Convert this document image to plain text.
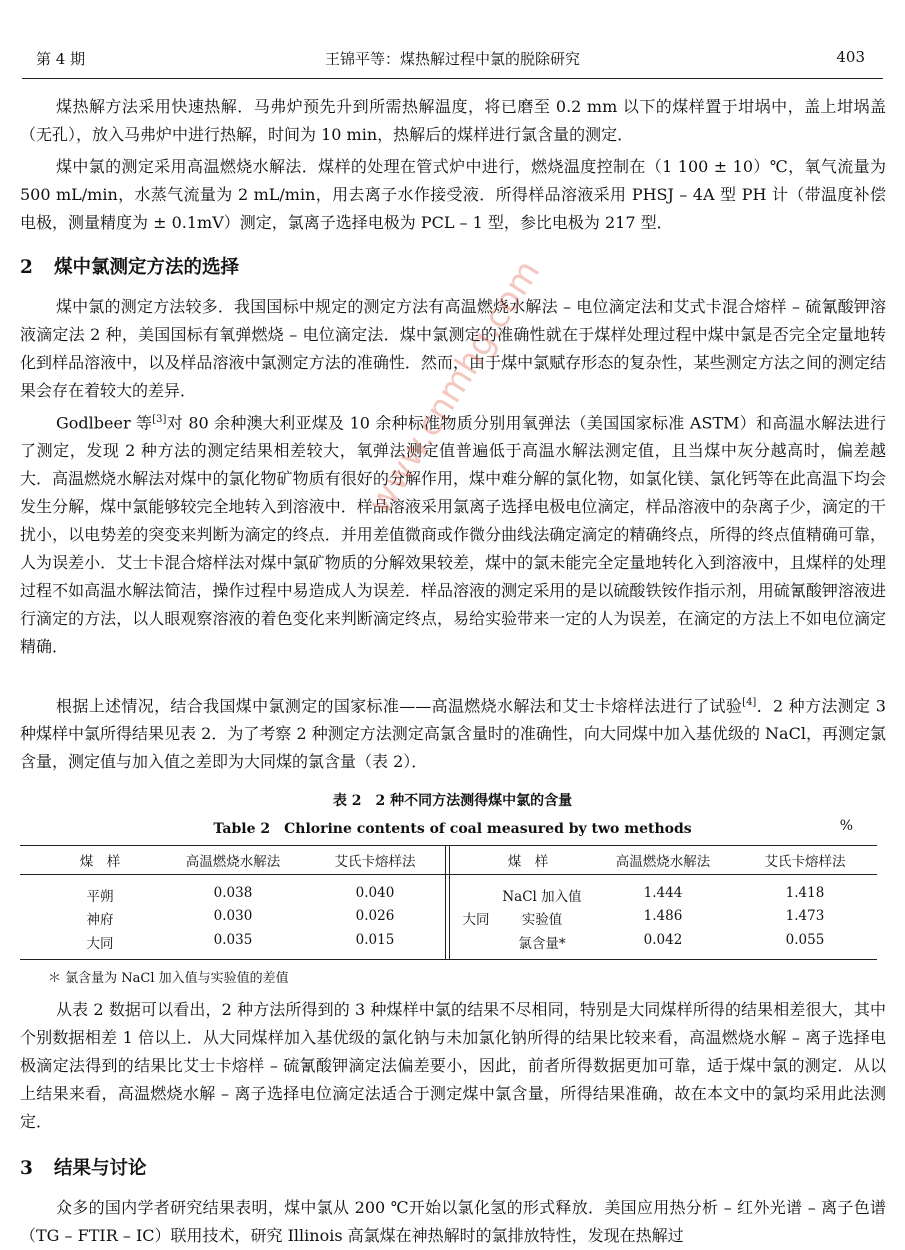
第 4 期	王锦平等：煤热解过程中氯的脱除研究	403

煤热解方法采用快速热解．马弗炉预先升到所需热解温度，将已磨至 0.2 mm 以下的煤样置于坩埚中，盖上坩埚盖（无孔），放入马弗炉中进行热解，时间为 10 min，热解后的煤样进行氯含量的测定．

煤中氯的测定采用高温燃烧水解法．煤样的处理在管式炉中进行，燃烧温度控制在（1 100 ± 10）℃，氧气流量为 500 mL/min，水蒸气流量为 2 mL/min，用去离子水作接受液．所得样品溶液采用 PHSJ – 4A 型 PH 计（带温度补偿电极，测量精度为 ± 0.1mV）测定，氯离子选择电极为 PCL – 1 型，参比电极为 217 型．

2 煤中氯测定方法的选择

煤中氯的测定方法较多．我国国标中规定的测定方法有高温燃烧水解法 – 电位滴定法和艾式卡混合熔样 – 硫氰酸钾溶液滴定法 2 种，美国国标有氧弹燃烧 – 电位滴定法．煤中氯测定的准确性就在于煤样处理过程中煤中氯是否完全定量地转化到样品溶液中，以及样品溶液中氯测定方法的准确性．然而，由于煤中氯赋存形态的复杂性，某些测定方法之间的测定结果会存在着较大的差异．

Godlbeer 等[3]对 80 余种澳大利亚煤及 10 余种标准物质分别用氧弹法（美国国家标准 ASTM）和高温水解法进行了测定，发现 2 种方法的测定结果相差较大，氧弹法测定值普遍低于高温水解法测定值，且当煤中灰分越高时，偏差越大．高温燃烧水解法对煤中的氯化物矿物质有很好的分解作用，煤中难分解的氯化物，如氯化镁、氯化钙等在此高温下均会发生分解，煤中氯能够较完全地转入到溶液中．样品溶液采用氯离子选择电极电位滴定，样品溶液中的杂离子少，滴定的干扰小，以电势差的突变来判断为滴定的终点．并用差值微商或作微分曲线法确定滴定的精确终点，所得的终点值精确可靠，人为误差小．艾士卡混合熔样法对煤中氯矿物质的分解效果较差，煤中的氯未能完全定量地转化入到溶液中，且煤样的处理过程不如高温水解法简洁，操作过程中易造成人为误差．样品溶液的测定采用的是以硫酸铁铵作指示剂，用硫氰酸钾溶液进行滴定的方法，以人眼观察溶液的着色变化来判断滴定终点，易给实验带来一定的人为误差，在滴定的方法上不如电位滴定精确．

根据上述情况，结合我国煤中氯测定的国家标准——高温燃烧水解法和艾士卡熔样法进行了试验[4]．2 种方法测定 3 种煤样中氯所得结果见表 2．为了考察 2 种测定方法测定高氯含量时的准确性，向大同煤中加入基优级的 NaCl，再测定氯含量，测定值与加入值之差即为大同煤的氯含量（表 2）．

表 2　2 种不同方法测得煤中氯的含量
Table 2　Chlorine contents of coal measured by two methods	%
煤　样	高温燃烧水解法	艾氏卡熔样法	煤　样	高温燃烧水解法	艾氏卡熔样法
平朔	0.038	0.040
神府	0.030	0.026
大同	0.035	0.015
大同
NaCl 加入值	1.444	1.418
实验值	1.486	1.473
氯含量*	0.042	0.055
＊ 氯含量为 NaCl 加入值与实验值的差值

从表 2 数据可以看出，2 种方法所得到的 3 种煤样中氯的结果不尽相同，特别是大同煤样所得的结果相差很大，其中个别数据相差 1 倍以上．从大同煤样加入基优级的氯化钠与未加氯化钠所得的结果比较来看，高温燃烧水解 – 离子选择电极滴定法得到的结果比艾士卡熔样 – 硫氰酸钾滴定法偏差要小，因此，前者所得数据更加可靠，适于煤中氯的测定．从以上结果来看，高温燃烧水解 – 离子选择电位滴定法适合于测定煤中氯含量，所得结果准确，故在本文中的氯均采用此法测定．

3 结果与讨论

众多的国内学者研究结果表明，煤中氯从 200 ℃开始以氯化氢的形式释放．美国应用热分析 – 红外光谱 – 离子色谱（TG – FTIR – IC）联用技术，研究 Illinois 高氯煤在神热解时的氯排放特性，发现在热解过

www.cnmhg.com
